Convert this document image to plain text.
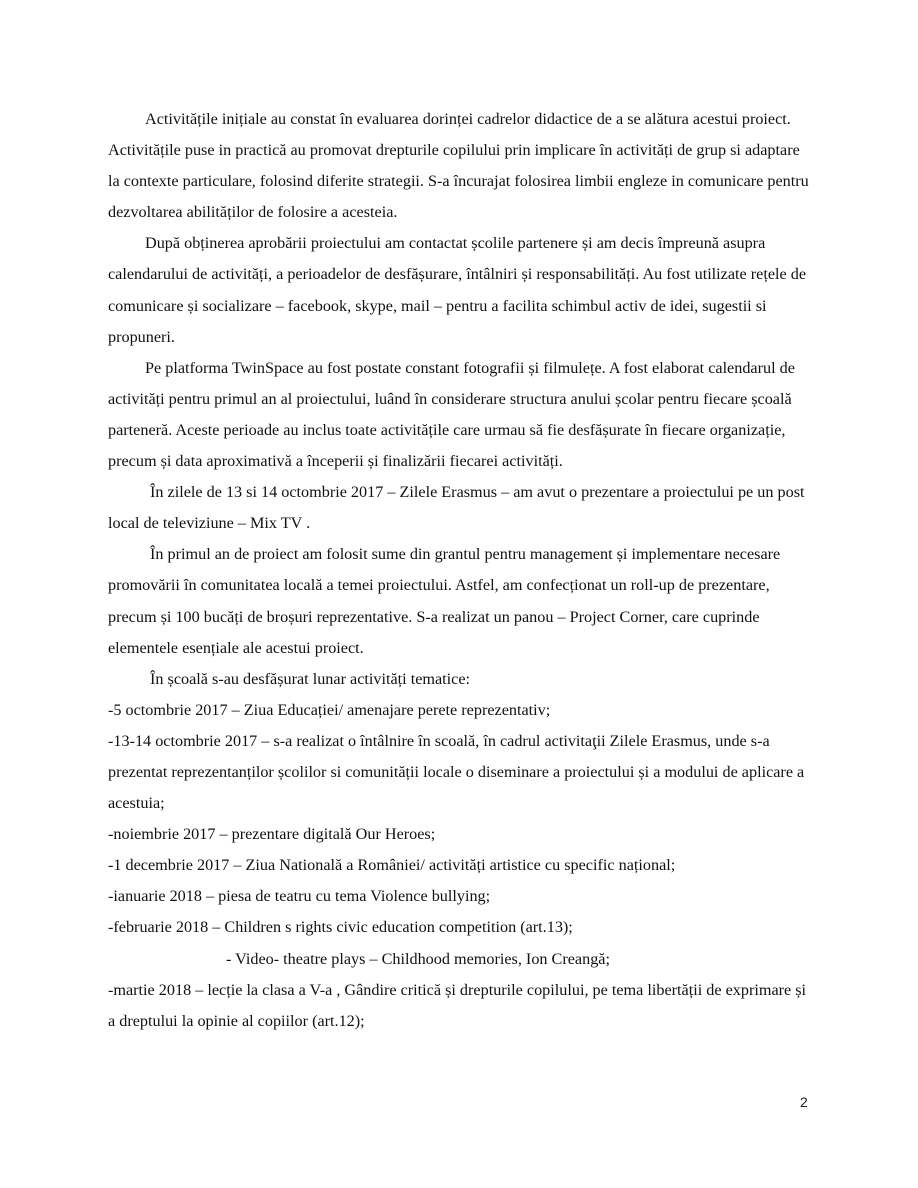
Activitățile inițiale au constat în evaluarea dorinței cadrelor didactice de a se alătura acestui proiect. Activitățile puse in practică au promovat drepturile copilului prin implicare în activități de grup si adaptare la contexte particulare, folosind diferite strategii. S-a încurajat folosirea limbii engleze in comunicare pentru dezvoltarea abilităților de folosire a acesteia.

După obținerea aprobării proiectului am contactat școlile partenere și am decis împreună asupra calendarului de activități, a perioadelor de desfășurare, întâlniri și responsabilități. Au fost utilizate rețele de comunicare și socializare – facebook, skype, mail – pentru a facilita schimbul activ de idei, sugestii si propuneri.

Pe platforma TwinSpace au fost postate constant fotografii și filmulețe. A fost elaborat calendarul de activități pentru primul an al proiectului, luând în considerare structura anului școlar pentru fiecare școală parteneră. Aceste perioade au inclus toate activitățile care urmau să fie desfășurate în fiecare organizație, precum și data aproximativă a începerii și finalizării fiecarei activități.

În zilele de 13 si 14 octombrie 2017 – Zilele Erasmus – am avut o prezentare a proiectului pe un post local de televiziune – Mix TV .

În primul an de proiect am folosit sume din grantul pentru management și implementare necesare promovării în comunitatea locală a temei proiectului. Astfel, am confecționat un roll-up de prezentare, precum și 100 bucăți de broșuri reprezentative. S-a realizat un panou – Project Corner, care cuprinde elementele esențiale ale acestui proiect.

În școală s-au desfășurat lunar activități tematice:

-5 octombrie 2017 – Ziua Educației/ amenajare perete reprezentativ;

-13-14 octombrie 2017 – s-a realizat o întâlnire în scoală, în cadrul activitaţii Zilele Erasmus, unde s-a prezentat reprezentanților școlilor si comunității locale o diseminare a proiectului și a modului de aplicare a acestuia;

-noiembrie 2017 – prezentare digitală Our Heroes;

-1 decembrie 2017 – Ziua Natională a României/ activități artistice cu specific național;

-ianuarie 2018 – piesa de teatru cu tema Violence bullying;

-februarie 2018 – Children s rights civic education competition (art.13);

- Video- theatre plays – Childhood memories, Ion Creangă;

-martie 2018 – lecție la clasa a V-a , Gândire critică și drepturile copilului, pe tema libertății de exprimare și a dreptului la opinie al copiilor (art.12);

2
